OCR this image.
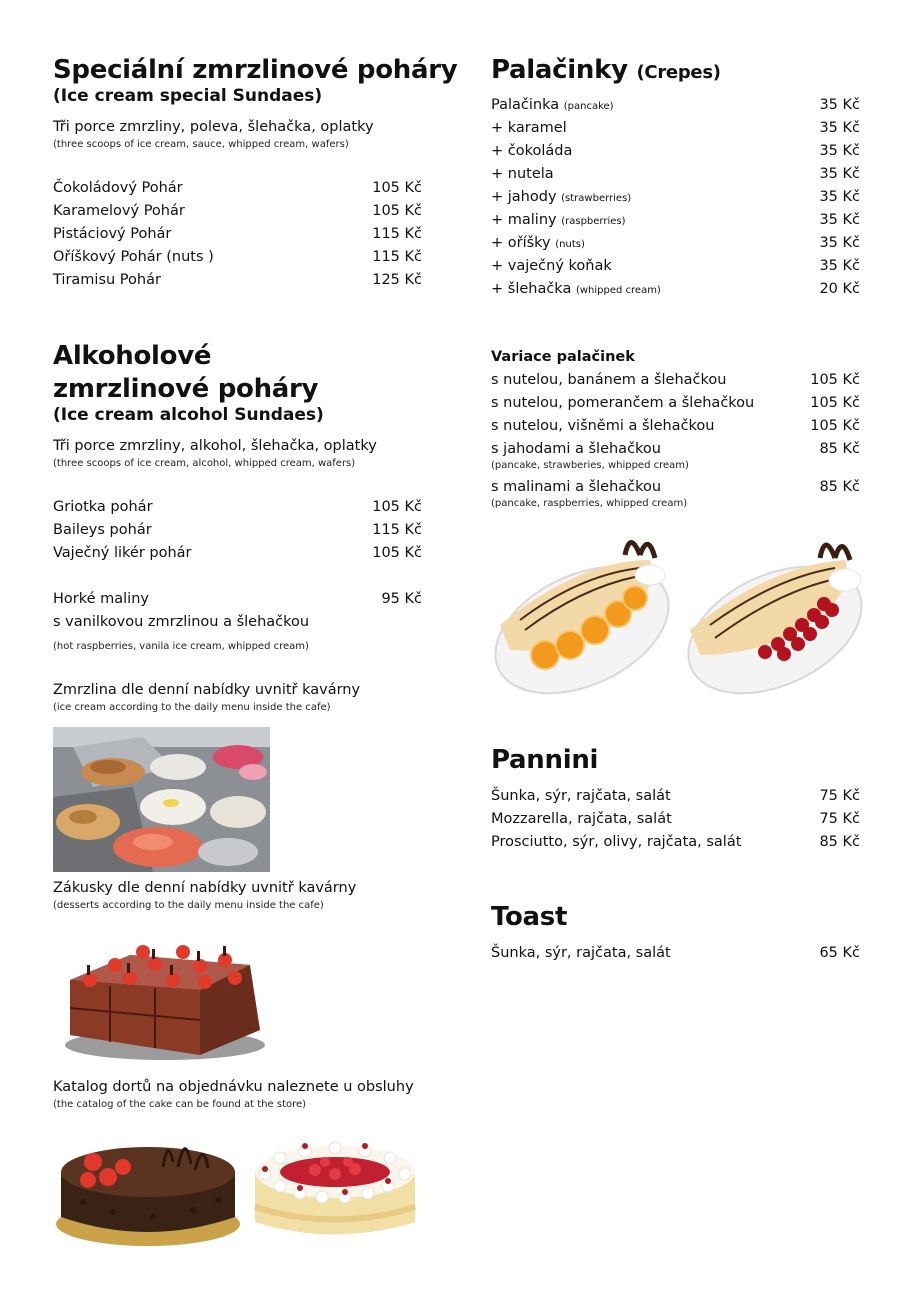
Speciální zmrzlinové poháry
(Ice cream special Sundaes)
Tři porce zmrzliny, poleva, šlehačka, oplatky
(three scoops of ice cream, sauce, whipped cream, wafers)
Čokoládový Pohár	105 Kč
Karamelový Pohár	105 Kč
Pistáciový Pohár	115 Kč
Oříškový Pohár (nuts )	115 Kč
Tiramisu Pohár	125 Kč
Alkoholové
zmrzlinové poháry
(Ice cream alcohol Sundaes)
Tři porce zmrzliny, alkohol, šlehačka, oplatky
(three scoops of ice cream, alcohol, whipped cream, wafers)
Griotka pohár	105 Kč
Baileys pohár	115 Kč
Vaječný likér pohár	105 Kč
Horké maliny	95 Kč
s vanilkovou zmrzlinou a šlehačkou
(hot raspberries, vanila ice cream, whipped cream)
Zmrzlina dle denní nabídky uvnitř kavárny
(ice cream according to the daily menu inside the cafe)
Zákusky dle denní nabídky uvnitř kavárny
(desserts according to the daily menu inside the cafe)
Katalog dortů na objednávku naleznete u obsluhy
(the catalog of the cake can be found at the store)
Palačinky (Crepes)
Palačinka (pancake)	35 Kč
+ karamel	35 Kč
+ čokoláda	35 Kč
+ nutela	35 Kč
+ jahody (strawberries)	35 Kč
+ maliny (raspberries)	35 Kč
+ oříšky (nuts)	35 Kč
+ vaječný koňak	35 Kč
+ šlehačka (whipped cream)	20 Kč
Variace palačinek
s nutelou, banánem a šlehačkou	105 Kč
s nutelou, pomerančem a šlehačkou	105 Kč
s nutelou, višněmi a šlehačkou	105 Kč
s jahodami a šlehačkou	85 Kč
(pancake, strawberies, whipped cream)
s malinami a šlehačkou	85 Kč
(pancake, raspberries, whipped cream)
Pannini
Šunka, sýr, rajčata, salát	75 Kč
Mozzarella, rajčata, salát	75 Kč
Prosciutto, sýr, olivy, rajčata, salát	85 Kč
Toast
Šunka, sýr, rajčata, salát	65 Kč
